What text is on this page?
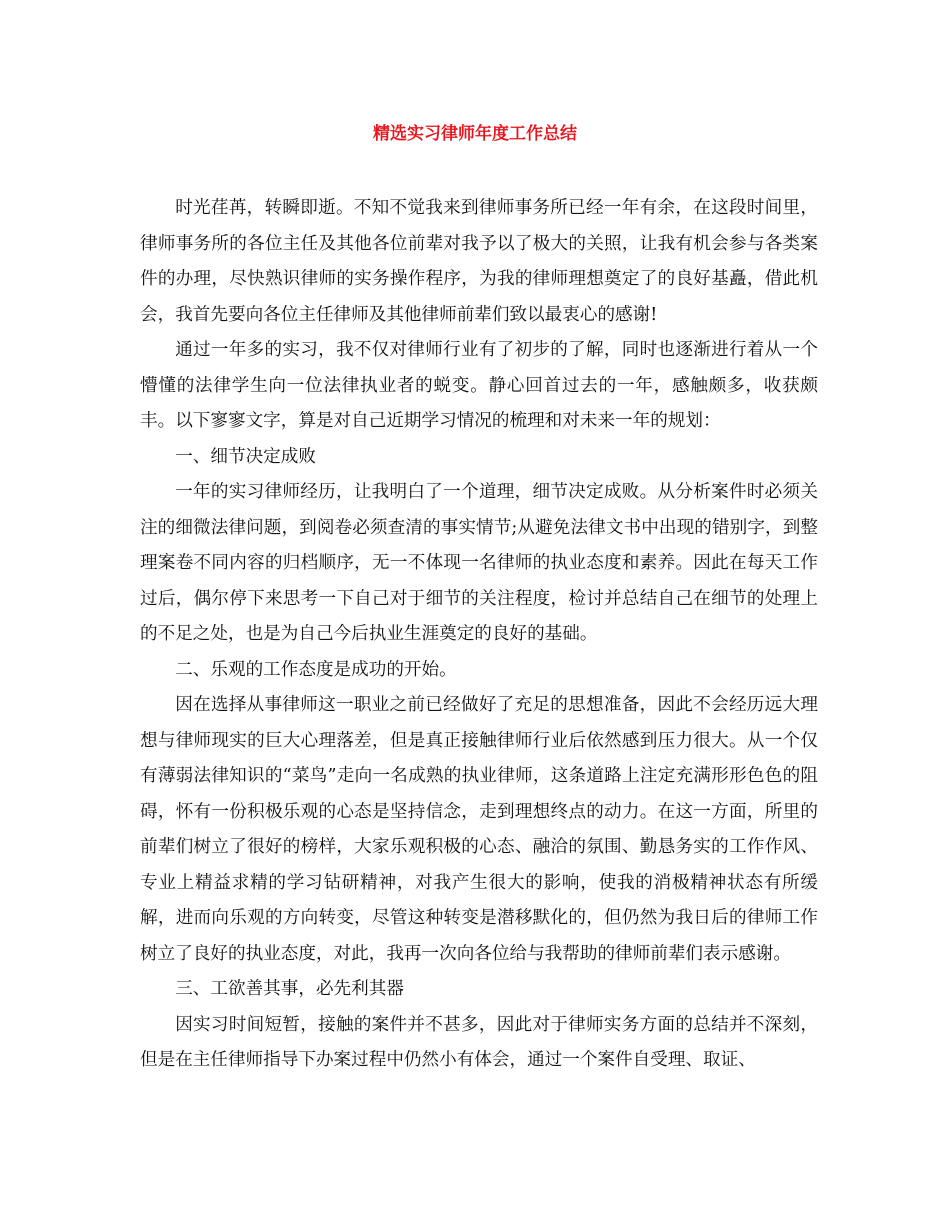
精选实习律师年度工作总结

时光荏苒，转瞬即逝。不知不觉我来到律师事务所已经一年有余，在这段时间里，律师事务所的各位主任及其他各位前辈对我予以了极大的关照，让我有机会参与各类案件的办理，尽快熟识律师的实务操作程序，为我的律师理想奠定了的良好基矗，借此机会，我首先要向各位主任律师及其他律师前辈们致以最衷心的感谢!

通过一年多的实习，我不仅对律师行业有了初步的了解，同时也逐渐进行着从一个懵懂的法律学生向一位法律执业者的蜕变。静心回首过去的一年，感触颇多，收获颇丰。以下寥寥文字，算是对自己近期学习情况的梳理和对未来一年的规划：

一、细节决定成败

一年的实习律师经历，让我明白了一个道理，细节决定成败。从分析案件时必须关注的细微法律问题，到阅卷必须查清的事实情节;从避免法律文书中出现的错别字，到整理案卷不同内容的归档顺序，无一不体现一名律师的执业态度和素养。因此在每天工作过后，偶尔停下来思考一下自己对于细节的关注程度，检讨并总结自己在细节的处理上的不足之处，也是为自己今后执业生涯奠定的良好的基础。

二、乐观的工作态度是成功的开始。

因在选择从事律师这一职业之前已经做好了充足的思想准备，因此不会经历远大理想与律师现实的巨大心理落差，但是真正接触律师行业后依然感到压力很大。从一个仅有薄弱法律知识的“菜鸟”走向一名成熟的执业律师，这条道路上注定充满形形色色的阻碍，怀有一份积极乐观的心态是坚持信念，走到理想终点的动力。在这一方面，所里的前辈们树立了很好的榜样，大家乐观积极的心态、融洽的氛围、勤恳务实的工作作风、专业上精益求精的学习钻研精神，对我产生很大的影响，使我的消极精神状态有所缓解，进而向乐观的方向转变，尽管这种转变是潜移默化的，但仍然为我日后的律师工作树立了良好的执业态度，对此，我再一次向各位给与我帮助的律师前辈们表示感谢。

三、工欲善其事，必先利其器

因实习时间短暂，接触的案件并不甚多，因此对于律师实务方面的总结并不深刻，但是在主任律师指导下办案过程中仍然小有体会，通过一个案件自受理、取证、
